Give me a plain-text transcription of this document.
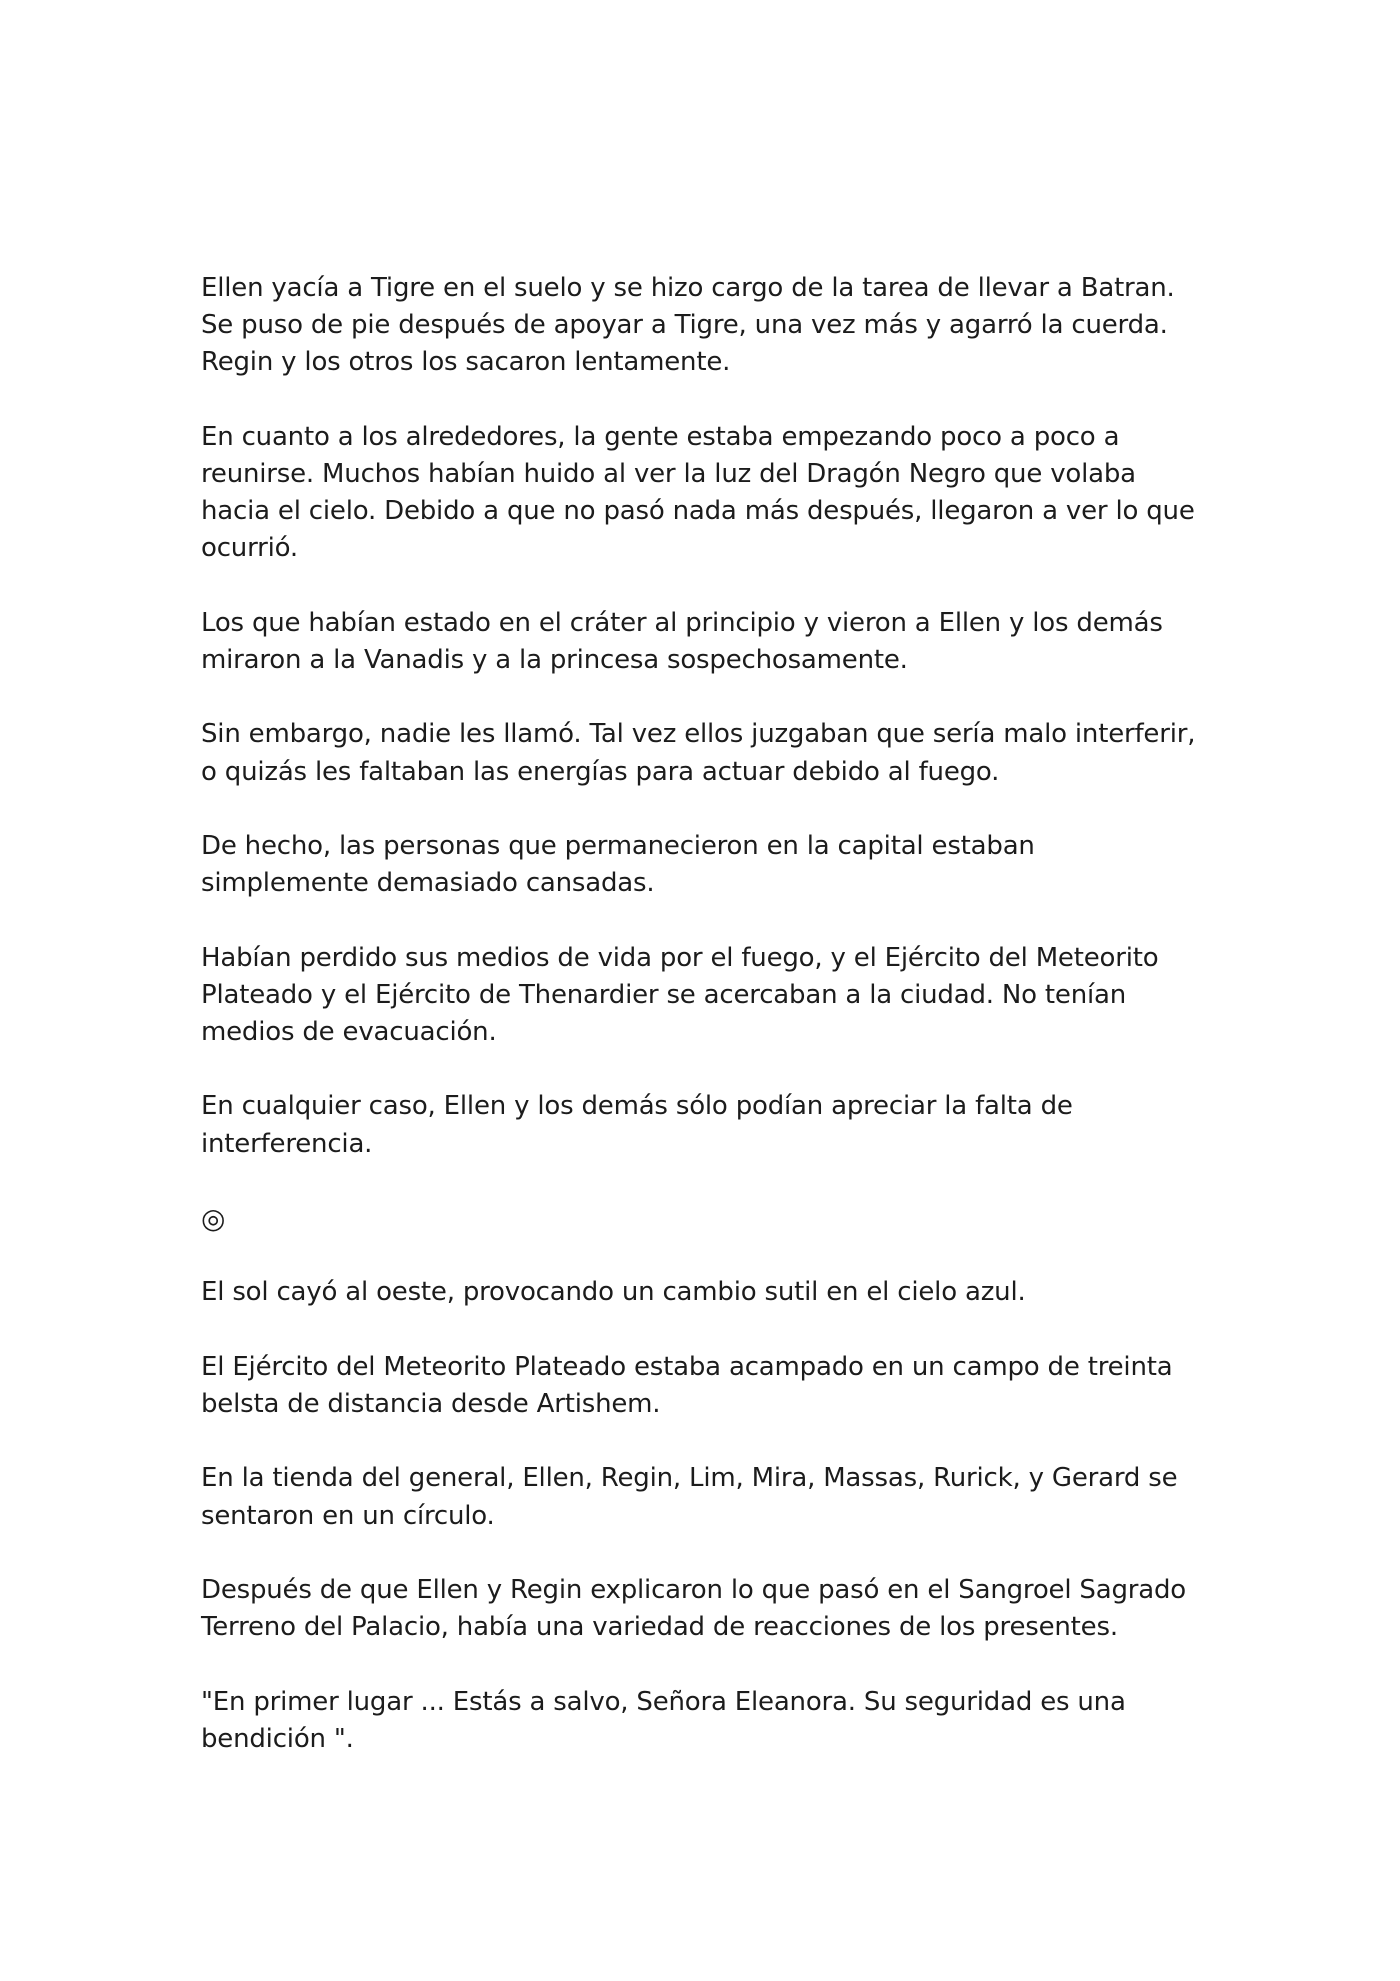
Ellen yacía a Tigre en el suelo y se hizo cargo de la tarea de llevar a Batran. Se puso de pie después de apoyar a Tigre, una vez más y agarró la cuerda. Regin y los otros los sacaron lentamente.

En cuanto a los alrededores, la gente estaba empezando poco a poco a reunirse. Muchos habían huido al ver la luz del Dragón Negro que volaba hacia el cielo. Debido a que no pasó nada más después, llegaron a ver lo que ocurrió.

Los que habían estado en el cráter al principio y vieron a Ellen y los demás miraron a la Vanadis y a la princesa sospechosamente.

Sin embargo, nadie les llamó. Tal vez ellos juzgaban que sería malo interferir, o quizás les faltaban las energías para actuar debido al fuego.

De hecho, las personas que permanecieron en la capital estaban simplemente demasiado cansadas.

Habían perdido sus medios de vida por el fuego, y el Ejército del Meteorito Plateado y el Ejército de Thenardier se acercaban a la ciudad. No tenían medios de evacuación.

En cualquier caso, Ellen y los demás sólo podían apreciar la falta de interferencia.

◎

El sol cayó al oeste, provocando un cambio sutil en el cielo azul.

El Ejército del Meteorito Plateado estaba acampado en un campo de treinta belsta de distancia desde Artishem.

En la tienda del general, Ellen, Regin, Lim, Mira, Massas, Rurick, y Gerard se sentaron en un círculo.

Después de que Ellen y Regin explicaron lo que pasó en el Sangroel Sagrado Terreno del Palacio, había una variedad de reacciones de los presentes.

"En primer lugar ... Estás a salvo, Señora Eleanora. Su seguridad es una bendición ".
